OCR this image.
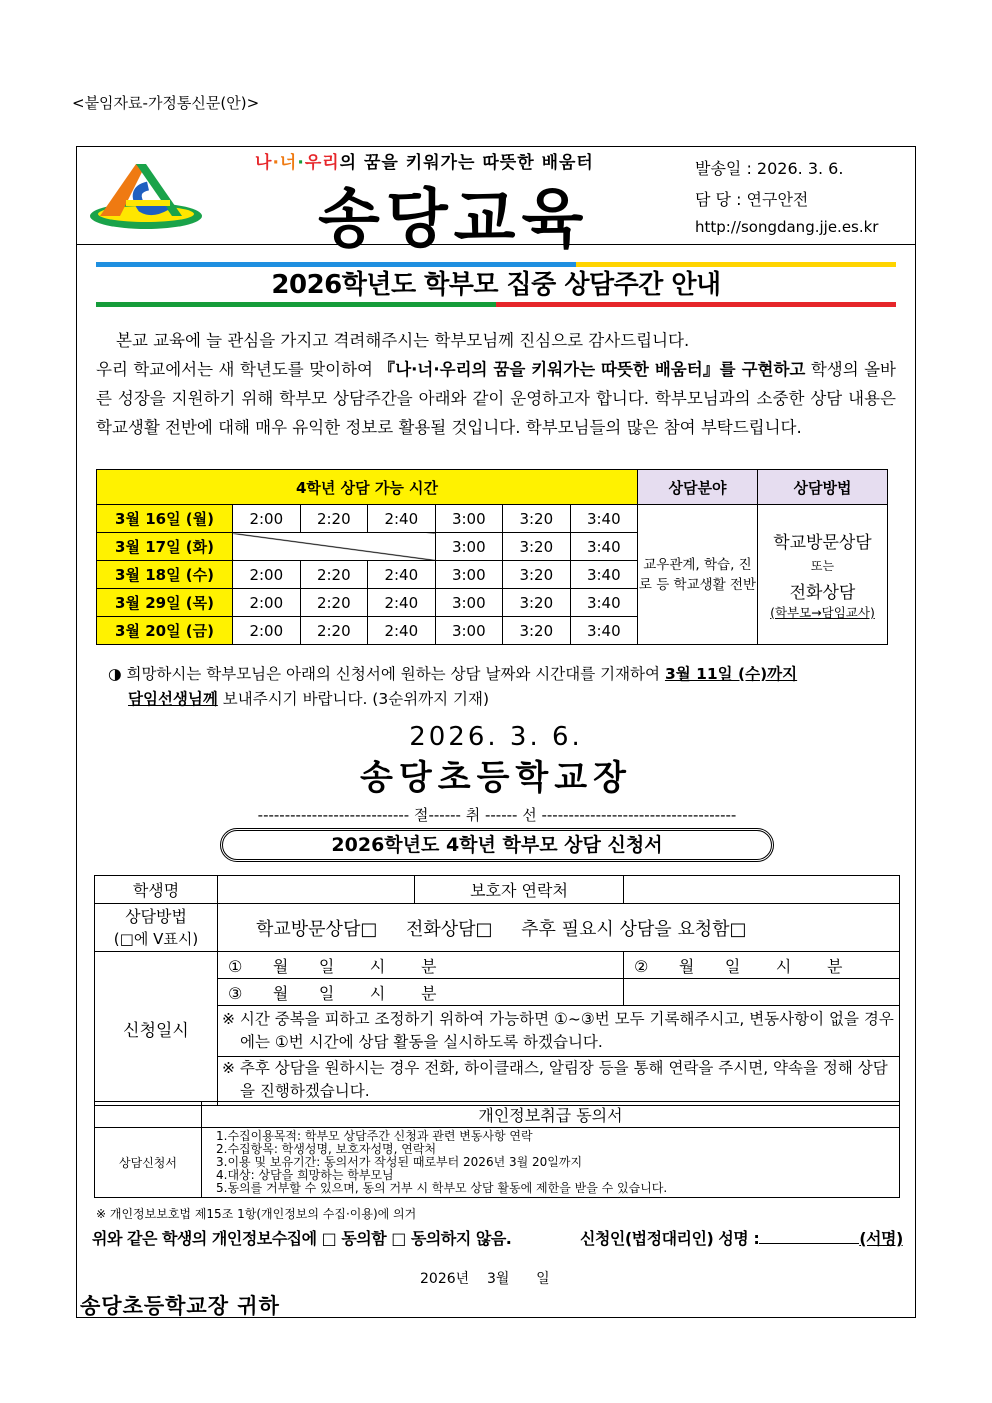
<붙임자료-가정통신문(안)>
나·너·우리의 꿈을 키워가는 따뜻한 배움터
송당교육
발송일 : 2026. 3. 6.
담 당 : 연구안전
http://songdang.jje.es.kr
2026학년도 학부모 집중 상담주간 안내
본교 교육에 늘 관심을 가지고 격려해주시는 학부모님께 진심으로 감사드립니다.
우리 학교에서는 새 학년도를 맞이하여 『나·너·우리의 꿈을 키워가는 따뜻한 배움터』를 구현하고 학생의 올바른 성장을 지원하기 위해 학부모 상담주간을 아래와 같이 운영하고자 합니다. 학부모님과의 소중한 상담 내용은 학교생활 전반에 대해 매우 유익한 정보로 활용될 것입니다. 학부모님들의 많은 참여 부탁드립니다.
4학년 상담 가능 시간							상담분야	상담방법
3월 16일 (월)	2:00	2:20	2:40	3:00	3:20	3:40	교우관계, 학습, 진로 등 학교생활 전반	학교방문상담
또는
전화상담
(학부모→담임교사)

3월 17일 (화)				3:00	3:20	3:40		
3월 18일 (수)	2:00	2:20	2:40	3:00	3:20	3:40		
3월 29일 (목)	2:00	2:20	2:40	3:00	3:20	3:40		
3월 20일 (금)	2:00	2:20	2:40	3:00	3:20	3:40		
◑ 희망하시는 학부모님은 아래의 신청서에 원하는 상담 날짜와 시간대를 기재하여 3월 11일 (수)까지
담임선생님께 보내주시기 바랍니다. (3순위까지 기재)
2026. 3. 6.
송당초등학교장
---------------------------- 절------ 취 ------ 선 ------------------------------------
2026학년도 4학년 학부모 상담 신청서
학생명		보호자 연락처	

상담방법
(□에 V표시)	학교방문상담□     전화상담□     추후 필요시 상담을 요청함□		
신청일시	①      월      일       시       분		②      월      일       시       분
	③      월      일       시       분		
	※ 시간 중복을 피하고 조정하기 위하여 가능하면 ①~③번 모두 기록해주시고, 변동사항이 없을 경우에는 ①번 시간에 상담 활동을 실시하도록 하겠습니다.		
	※ 추후 상담을 원하시는 경우 전화, 하이클래스, 알림장 등을 통해 연락을 주시면, 약속을 정해 상담을 진행하겠습니다.		
	개인정보취급 동의서
상담신청서	1.수집이용목적: 학부모 상담주간 신청과 관련 변동사항 연락
2.수집항목: 학생성명, 보호자성명, 연락처
3.이용 및 보유기간: 동의서가 작성된 때로부터 2026년 3월 20일까지
4.대상: 상담을 희망하는 학부모님
5.동의를 거부할 수 있으며, 동의 거부 시 학부모 상담 활동에 제한을 받을 수 있습니다.
※ 개인정보보호법 제15조 1항(개인정보의 수집·이용)에 의거
위와 같은 학생의 개인정보수집에 □ 동의함 □ 동의하지 않음.	신청인(법정대리인) 성명 :	(서명)
2026년    3월      일
송당초등학교장 귀하
